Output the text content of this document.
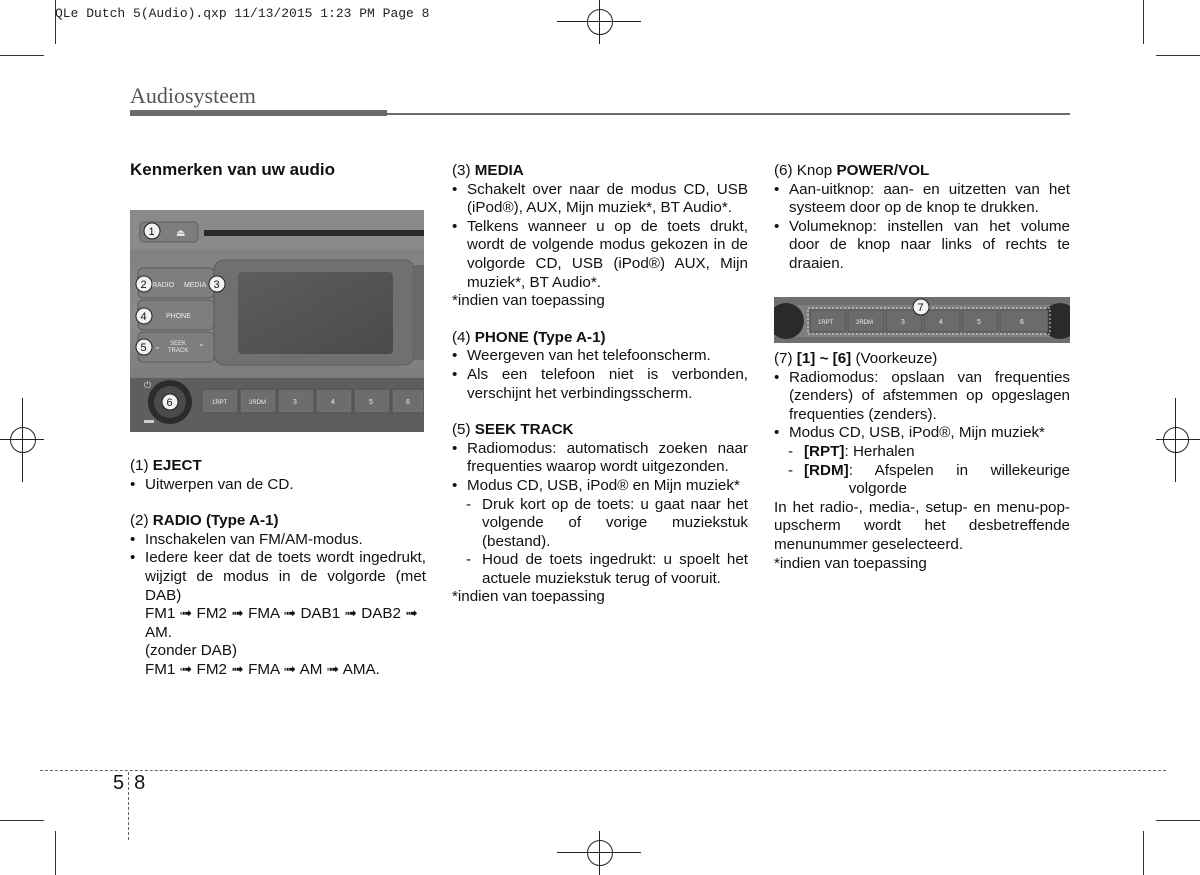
QLe Dutch 5(Audio).qxp 11/13/2015 1:23 PM Page 8
Audiosysteem

Kenmerken van uw audio

⏏
RADIO MEDIA
PHONE
SEEK
TRACK
⌄	⌃
⏻
1RPT	2RDM	3	4	5	6
1
2	3
4
5
6

(1) EJECT

• Uitwerpen van de CD.

(2) RADIO (Type A-1)

• Inschakelen van FM/AM-modus.

• Iedere keer dat de toets wordt ingedrukt, wijzigt de modus in de volgorde (met DAB)

FM1 ➟ FM2 ➟ FMA ➟ DAB1 ➟ DAB2 ➟ AM.

(zonder DAB)

FM1 ➟ FM2 ➟ FMA ➟ AM ➟ AMA.

(3) MEDIA

• Schakelt over naar de modus CD, USB (iPod®), AUX, Mijn muziek*, BT Audio*.

• Telkens wanneer u op de toets drukt, wordt de volgende modus gekozen in de volgorde CD, USB (iPod®) AUX, Mijn muziek*, BT Audio*.

*indien van toepassing

(4) PHONE (Type A-1)

• Weergeven van het telefoonscherm.

• Als een telefoon niet is verbonden, verschijnt het verbindingsscherm.

(5) SEEK TRACK

• Radiomodus: automatisch zoeken naar frequenties waarop wordt uitgezonden.

• Modus CD, USB, iPod® en Mijn muziek*

- Druk kort op de toets: u gaat naar het volgende of vorige muziekstuk (bestand).

- Houd de toets ingedrukt: u spoelt het actuele muziekstuk terug of vooruit.

*indien van toepassing

(6) Knop POWER/VOL

• Aan-uitknop: aan- en uitzetten van het systeem door op de knop te drukken.

• Volumeknop: instellen van het volume door de knop naar links of rechts te draaien.

1RPT	2RDM	3	4	5	6
7

(7) [1] ~ [6] (Voorkeuze)

• Radiomodus: opslaan van frequenties (zenders) of afstemmen op opgeslagen frequenties (zenders).

• Modus CD, USB, iPod®, Mijn muziek*

- [RPT] : Herhalen
- [RDM] : Afspelen in willekeurige volgorde

In het radio-, media-, setup- en menu-pop-upscherm wordt het desbetreffende menunummer geselecteerd.

*indien van toepassing

5 8
